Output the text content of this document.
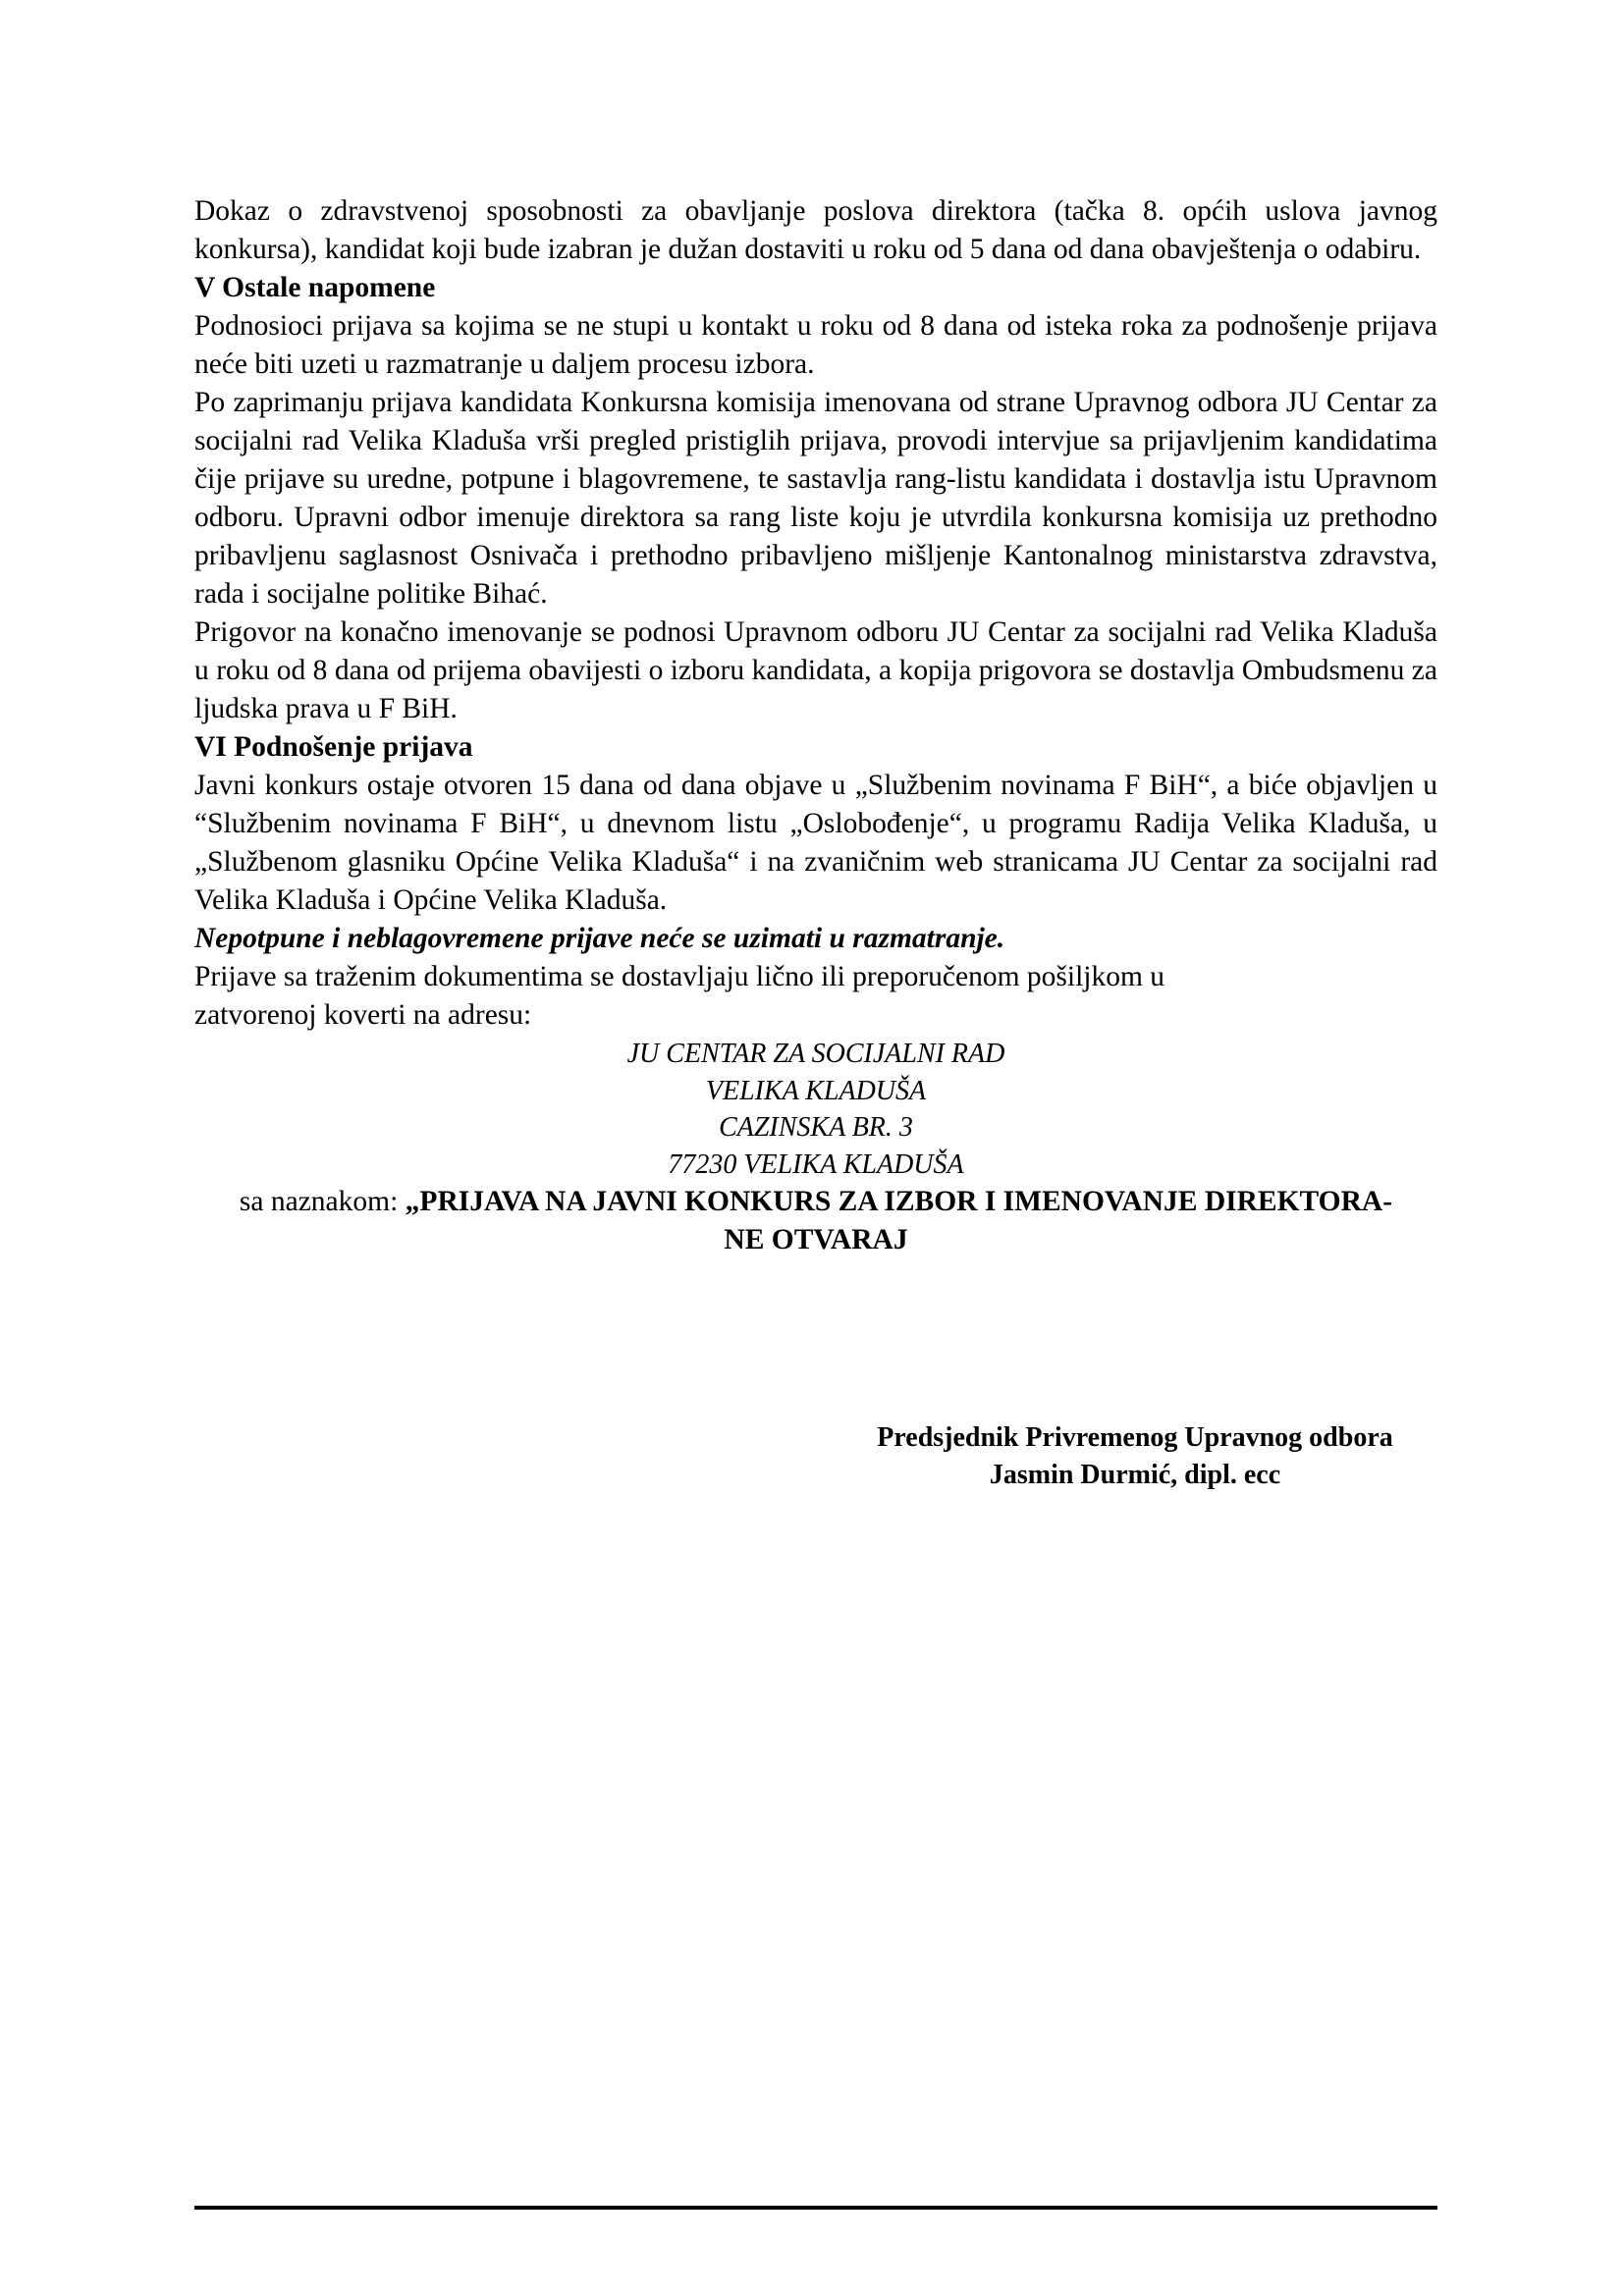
Dokaz o zdravstvenoj sposobnosti za obavljanje poslova direktora (tačka 8. općih uslova javnog konkursa), kandidat koji bude izabran je dužan dostaviti u roku od 5 dana od dana obavještenja o odabiru.

V Ostale napomene

Podnosioci prijava sa kojima se ne stupi u kontakt u roku od 8 dana od isteka roka za podnošenje prijava neće biti uzeti u razmatranje u daljem procesu izbora.

Po zaprimanju prijava kandidata Konkursna komisija imenovana od strane Upravnog odbora JU Centar za socijalni rad Velika Kladuša vrši pregled pristiglih prijava, provodi intervjue sa prijavljenim kandidatima čije prijave su uredne, potpune i blagovremene, te sastavlja rang-listu kandidata i dostavlja istu Upravnom odboru. Upravni odbor imenuje direktora sa rang liste koju je utvrdila konkursna komisija uz prethodno pribavljenu saglasnost Osnivača i prethodno pribavljeno mišljenje Kantonalnog ministarstva zdravstva, rada i socijalne politike Bihać.

Prigovor na konačno imenovanje se podnosi Upravnom odboru JU Centar za socijalni rad Velika Kladuša u roku od 8 dana od prijema obavijesti o izboru kandidata, a kopija prigovora se dostavlja Ombudsmenu za ljudska prava u F BiH.

VI Podnošenje prijava

Javni konkurs ostaje otvoren 15 dana od dana objave u „Službenim novinama F BiH“, a biće objavljen u “Službenim novinama F BiH“, u dnevnom listu „Oslobođenje“, u programu Radija Velika Kladuša, u „Službenom glasniku Općine Velika Kladuša“ i na zvaničnim web stranicama JU Centar za socijalni rad Velika Kladuša i Općine Velika Kladuša.

Nepotpune i neblagovremene prijave neće se uzimati u razmatranje.

Prijave sa traženim dokumentima se dostavljaju lično ili preporučenom pošiljkom u

zatvorenoj koverti na adresu:

JU CENTAR ZA SOCIJALNI RAD
VELIKA KLADUŠA
CAZINSKA BR. 3
77230 VELIKA KLADUŠA

sa naznakom: „PRIJAVA NA JAVNI KONKURS ZA IZBOR I IMENOVANJE DIREKTORA- NE OTVARAJ

Predsjednik Privremenog Upravnog odbora
Jasmin Durmić, dipl. ecc
